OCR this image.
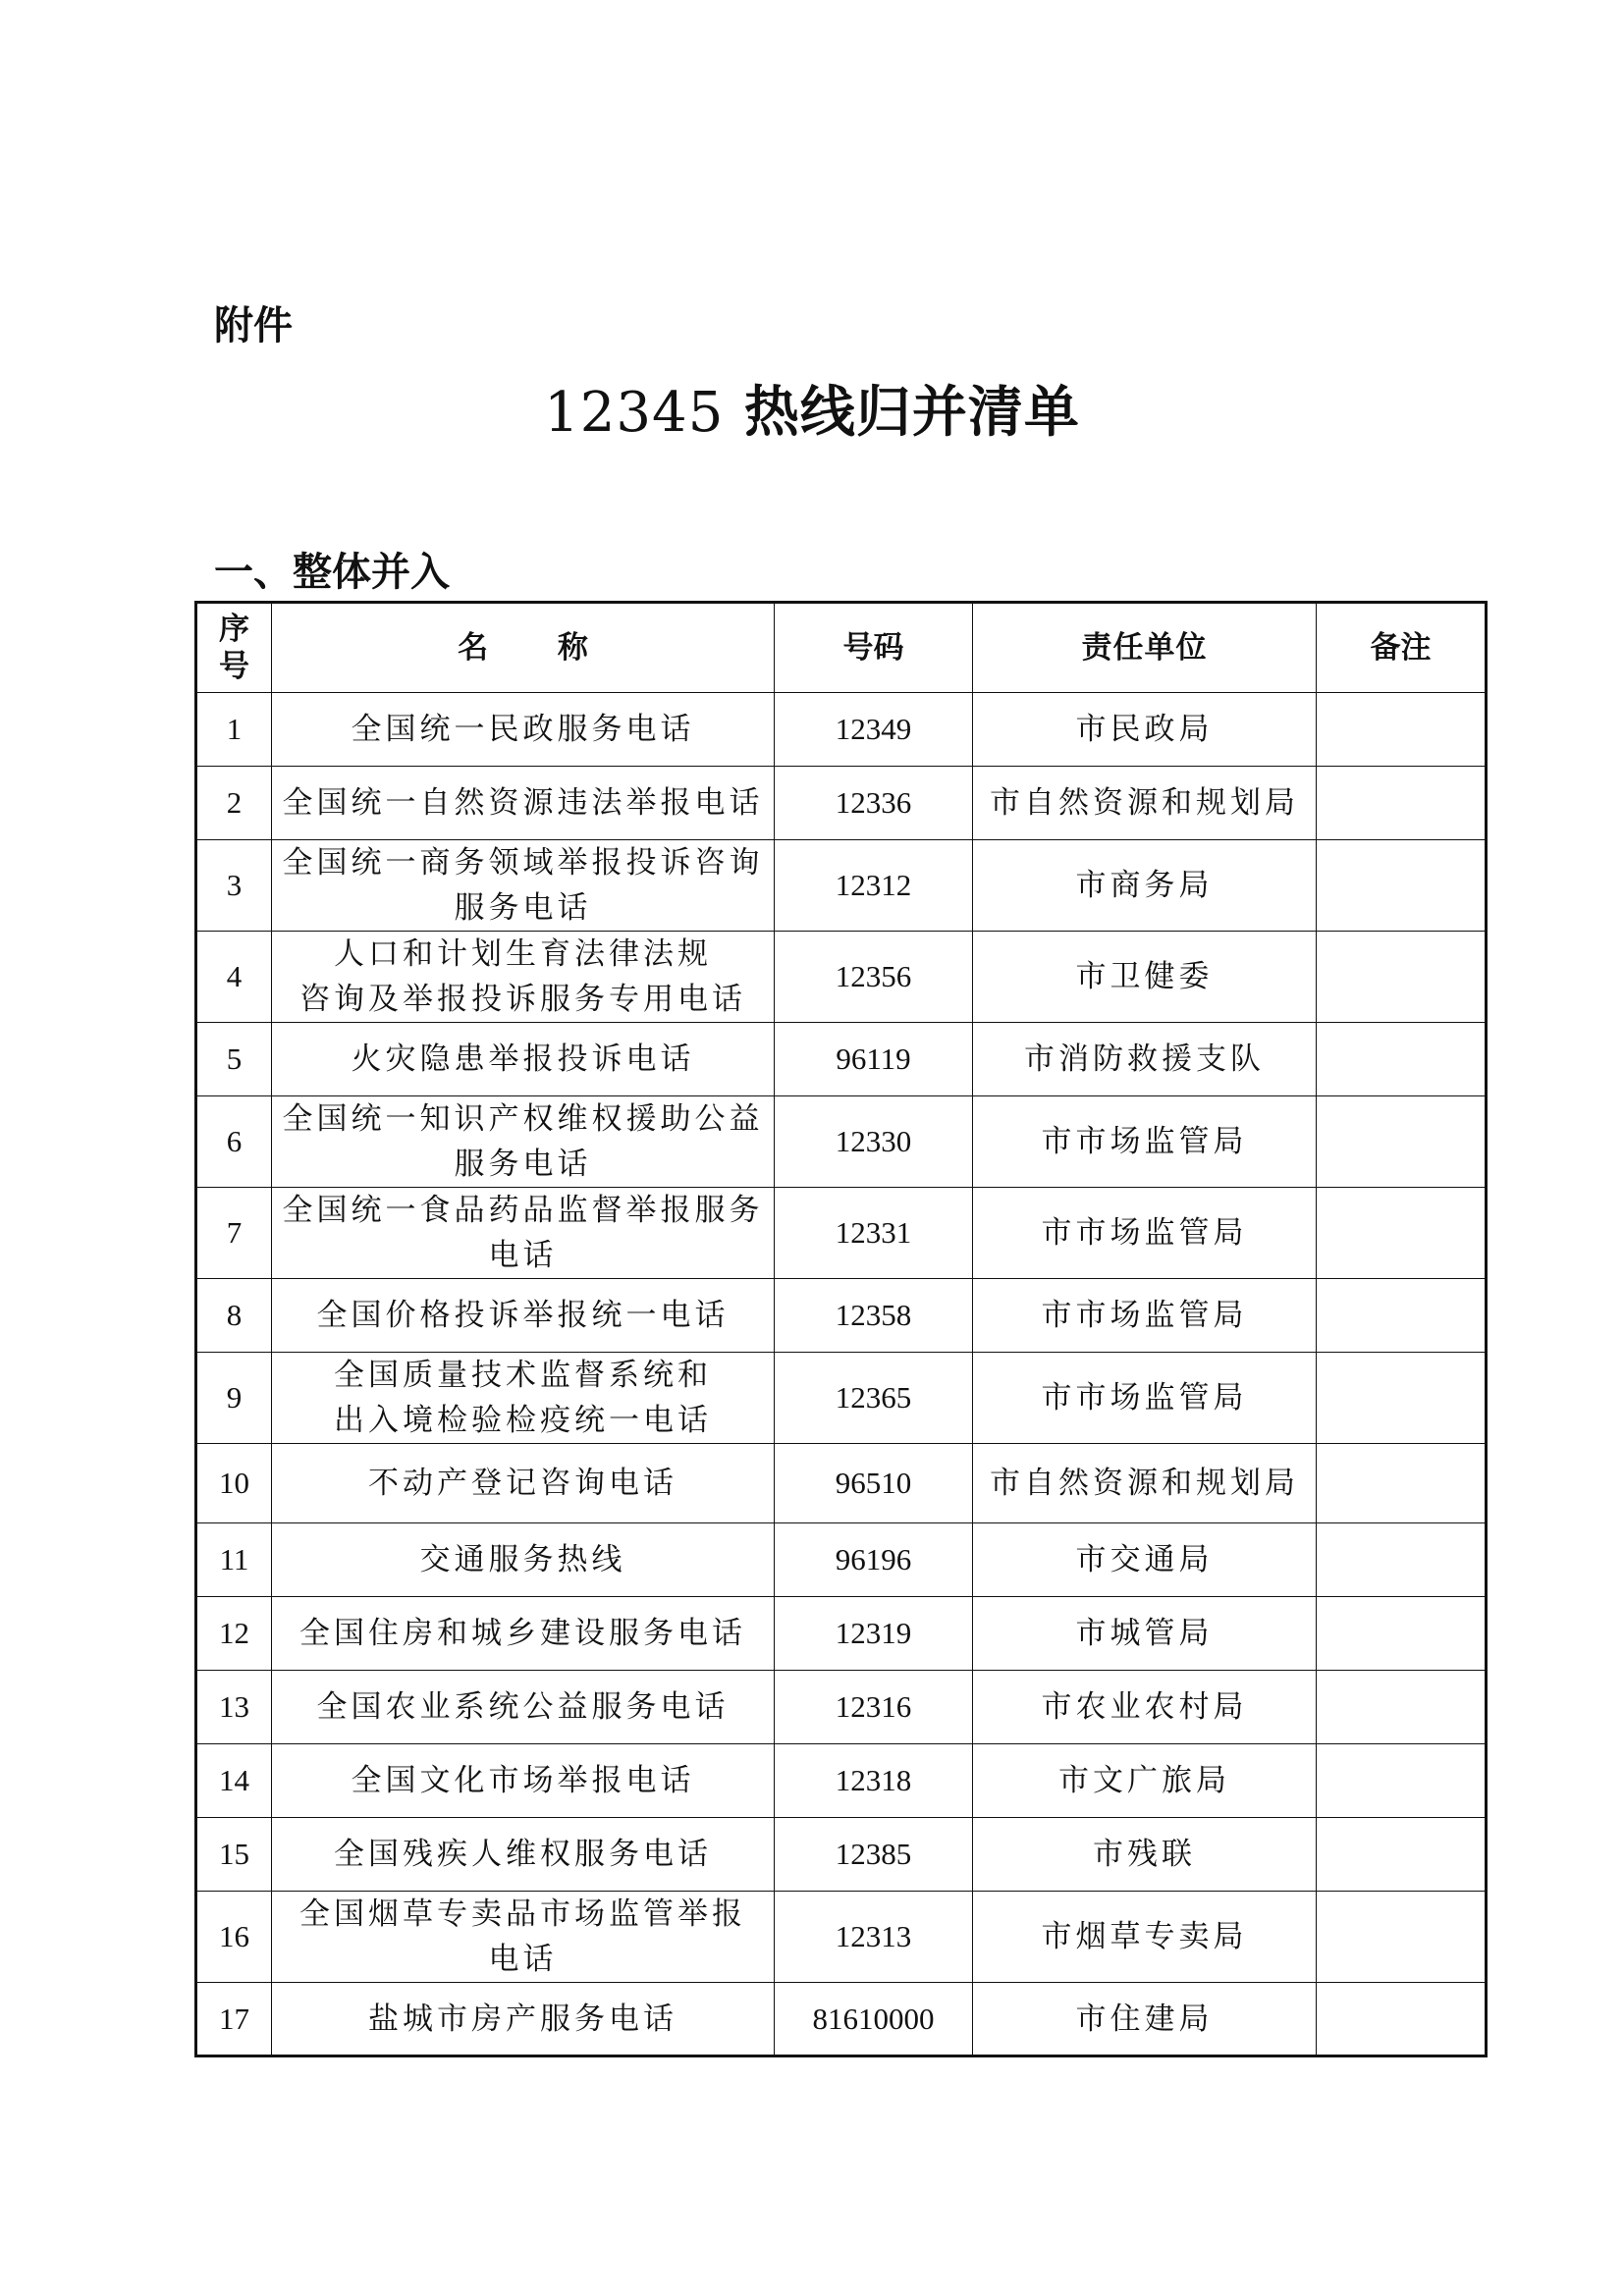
附件
12345 热线归并清单
一、整体并入
序
号	名 称	号码	责任单位	备注
1	全国统一民政服务电话	12349	市民政局	
2	全国统一自然资源违法举报电话	12336	市自然资源和规划局	
3	全国统一商务领域举报投诉咨询
服务电话	12312	市商务局	
4	人口和计划生育法律法规
咨询及举报投诉服务专用电话	12356	市卫健委	
5	火灾隐患举报投诉电话	96119	市消防救援支队	
6	全国统一知识产权维权援助公益
服务电话	12330	市市场监管局	
7	全国统一食品药品监督举报服务
电话	12331	市市场监管局	
8	全国价格投诉举报统一电话	12358	市市场监管局	
9	全国质量技术监督系统和
出入境检验检疫统一电话	12365	市市场监管局	
10	不动产登记咨询电话	96510	市自然资源和规划局	
11	交通服务热线	96196	市交通局	
12	全国住房和城乡建设服务电话	12319	市城管局	
13	全国农业系统公益服务电话	12316	市农业农村局	
14	全国文化市场举报电话	12318	市文广旅局	
15	全国残疾人维权服务电话	12385	市残联	
16	全国烟草专卖品市场监管举报
电话	12313	市烟草专卖局	
17	盐城市房产服务电话	81610000	市住建局	
